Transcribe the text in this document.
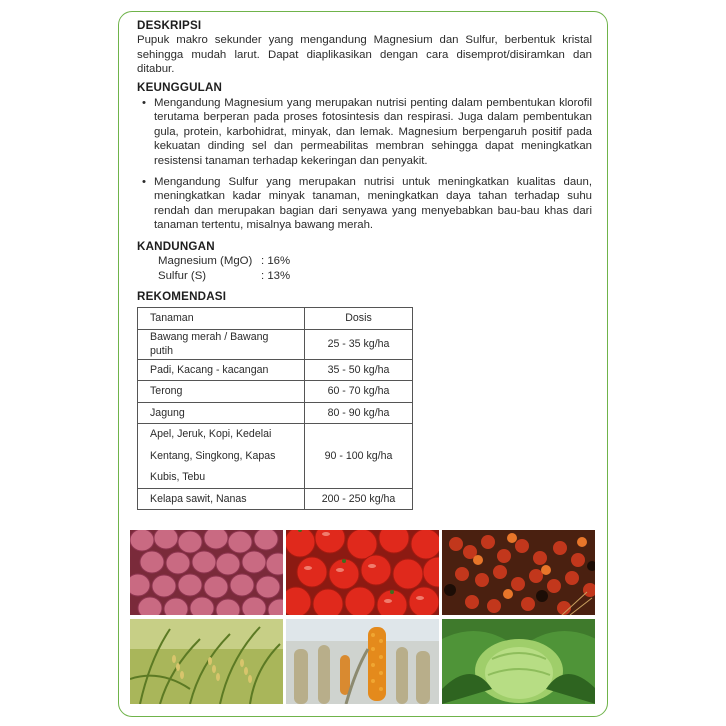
DESKRIPSI

Pupuk makro sekunder yang mengandung Magnesium dan Sulfur, berbentuk kristal sehingga mudah larut. Dapat diaplikasikan dengan cara disemprot/disiramkan dan ditabur.

KEUNGGULAN
• Mengandung Magnesium yang merupakan nutrisi penting dalam pembentukan klorofil terutama berperan pada proses fotosintesis dan respirasi. Juga dalam pembentukan gula, protein, karbohidrat, minyak, dan lemak. Magnesium berpengaruh positif pada kekuatan dinding sel dan permeabilitas membran sehingga dapat meningkatkan resistensi tanaman terhadap kekeringan dan penyakit.
• Mengandung Sulfur yang merupakan nutrisi untuk meningkatkan kualitas daun, meningkatkan kadar minyak tanaman, meningkatkan daya tahan terhadap suhu rendah dan merupakan bagian dari senyawa yang menyebabkan bau-bau khas dari tanaman tertentu, misalnya bawang merah.
KANDUNGAN
Magnesium (MgO) : 16%
Sulfur (S)	: 13%
REKOMENDASI
Tanaman	Dosis
Bawang merah / Bawang putih	25 - 35 kg/ha
Padi, Kacang - kacangan	35 - 50 kg/ha
Terong	60 - 70 kg/ha
Jagung	80 - 90 kg/ha
Apel, Jeruk, Kopi, Kedelai	90 - 100 kg/ha
Kentang, Singkong, Kapas	
Kubis, Tebu	
Kelapa sawit, Nanas	200 - 250 kg/ha
